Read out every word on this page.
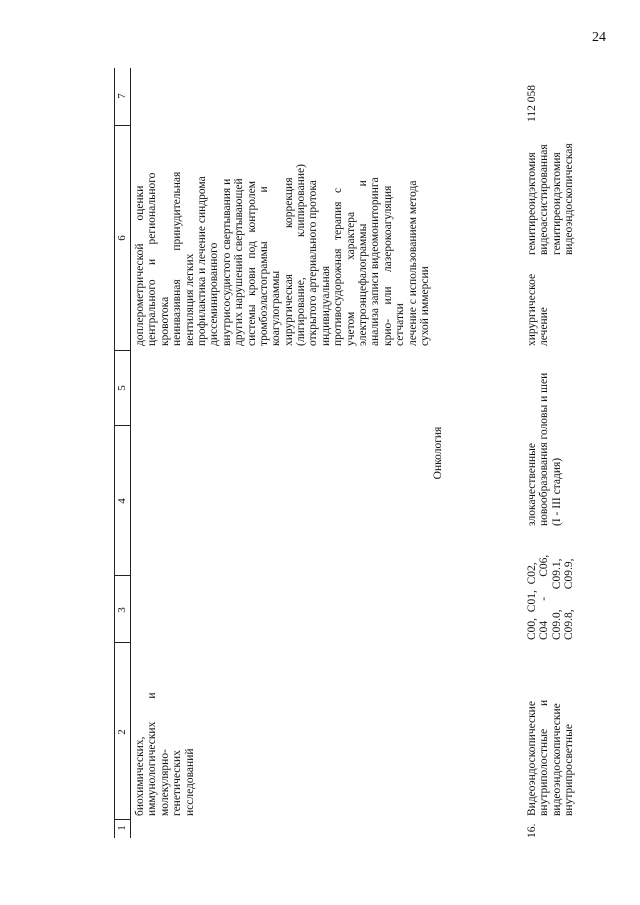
24
1
2
3
4
5
6
7
биохимических, иммунологических        и молекулярно- генетических исследований
доплерометрической        оценки центрального     и     регионального кровотока неинвазивная          принудительная вентиляция легких профилактика и лечение синдрома диссеминированного внутрисосудистого свертывания и других нарушений свертывающей системы   крови   под   контролем тромбоэластограммы                 и коагулограммы хирургическая                коррекция (лигирование,              клипирование) открытого артериального протока индивидуальная противосудорожная   терапия   с учетом                  характера электроэнцефалограммы             и анализа записи видеомониторинга крио-     или     лазерокоагуляция сетчатки лечение с использованием метода сухой иммерсии
Онкология
16.
Видеоэндоскопические внутриполостные        и видеоэндоскопические внутрипросветные
C00,  C01,  C02, C04       -       C06, C09.0,       C09.1, C09.8,       C09.9,
злокачественные новообразования головы и шеи (I - III стадия)
хирургическое лечение
гемитиреоидэктомия видеоассистированная гемитиреоидэктомия видеоэндоскопическая
112 058
